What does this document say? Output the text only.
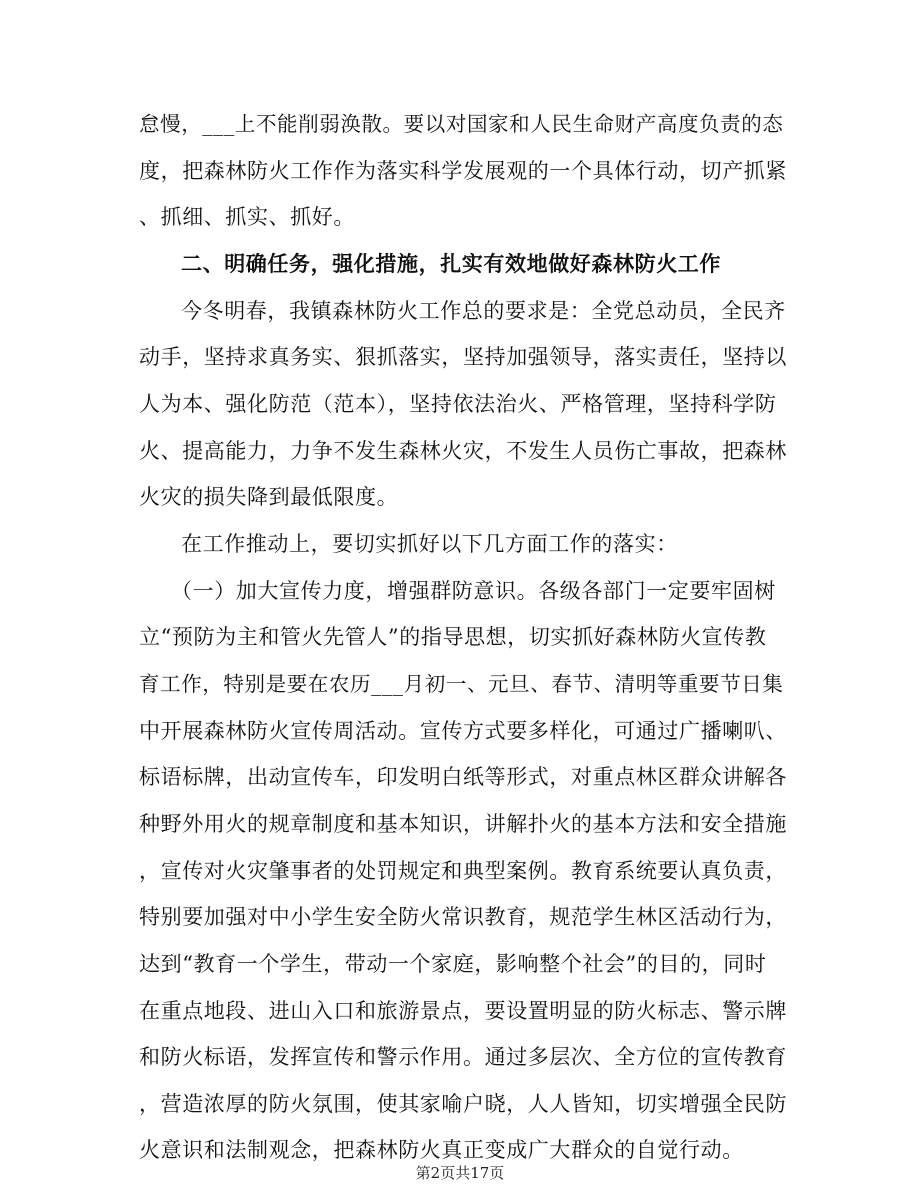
怠慢，___上不能削弱涣散。要以对国家和人民生命财产高度负责的态
度，把森林防火工作作为落实科学发展观的一个具体行动，切产抓紧
、抓细、抓实、抓好。
二、明确任务，强化措施，扎实有效地做好森林防火工作
今冬明春，我镇森林防火工作总的要求是：全党总动员，全民齐
动手，坚持求真务实、狠抓落实，坚持加强领导，落实责任，坚持以
人为本、强化防范（范本），坚持依法治火、严格管理，坚持科学防
火、提高能力，力争不发生森林火灾，不发生人员伤亡事故，把森林
火灾的损失降到最低限度。
在工作推动上，要切实抓好以下几方面工作的落实：
（一）加大宣传力度，增强群防意识。各级各部门一定要牢固树
立“预防为主和管火先管人”的指导思想，切实抓好森林防火宣传教
育工作，特别是要在农历___月初一、元旦、春节、清明等重要节日集
中开展森林防火宣传周活动。宣传方式要多样化，可通过广播喇叭、
标语标牌，出动宣传车，印发明白纸等形式，对重点林区群众讲解各
种野外用火的规章制度和基本知识，讲解扑火的基本方法和安全措施
，宣传对火灾肇事者的处罚规定和典型案例。教育系统要认真负责，
特别要加强对中小学生安全防火常识教育，规范学生林区活动行为，
达到“教育一个学生，带动一个家庭，影响整个社会”的目的，同时
在重点地段、进山入口和旅游景点，要设置明显的防火标志、警示牌
和防火标语，发挥宣传和警示作用。通过多层次、全方位的宣传教育
，营造浓厚的防火氛围，使其家喻户晓，人人皆知，切实增强全民防
火意识和法制观念，把森林防火真正变成广大群众的自觉行动。
第2页共17页
